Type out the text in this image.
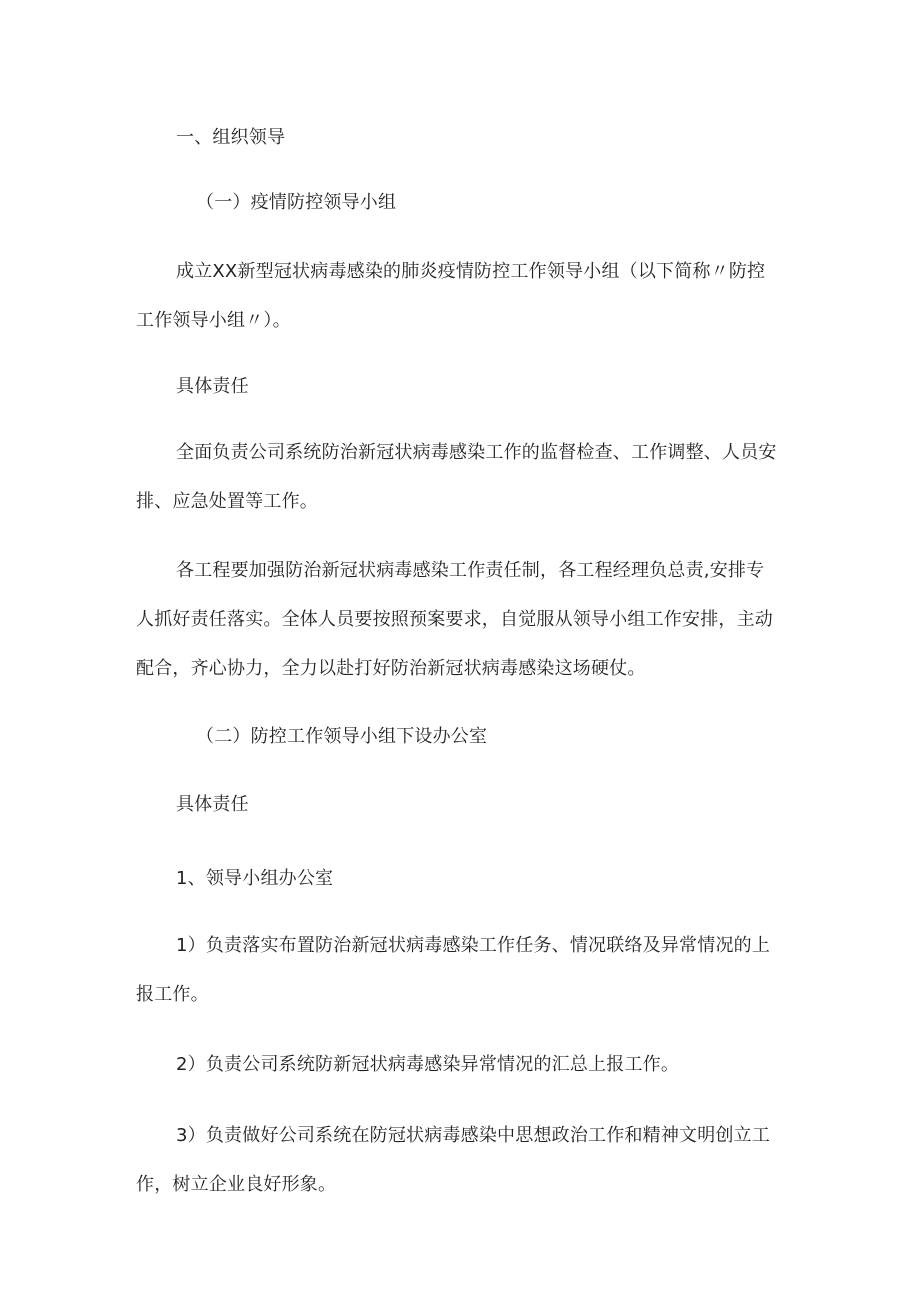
一、组织领导
（一）疫情防控领导小组
成立XX新型冠状病毒感染的肺炎疫情防控工作领导小组（以下简称〃防控
工作领导小组〃）。
具体责任
全面负责公司系统防治新冠状病毒感染工作的监督检查、工作调整、人员安
排、应急处置等工作。
各工程要加强防治新冠状病毒感染工作责任制，各工程经理负总责,安排专
人抓好责任落实。全体人员要按照预案要求，自觉服从领导小组工作安排，主动
配合，齐心协力，全力以赴打好防治新冠状病毒感染这场硬仗。
（二）防控工作领导小组下设办公室
具体责任
1、领导小组办公室
1）负责落实布置防治新冠状病毒感染工作任务、情况联络及异常情况的上
报工作。
2）负责公司系统防新冠状病毒感染异常情况的汇总上报工作。
3）负责做好公司系统在防冠状病毒感染中思想政治工作和精神文明创立工
作，树立企业良好形象。
